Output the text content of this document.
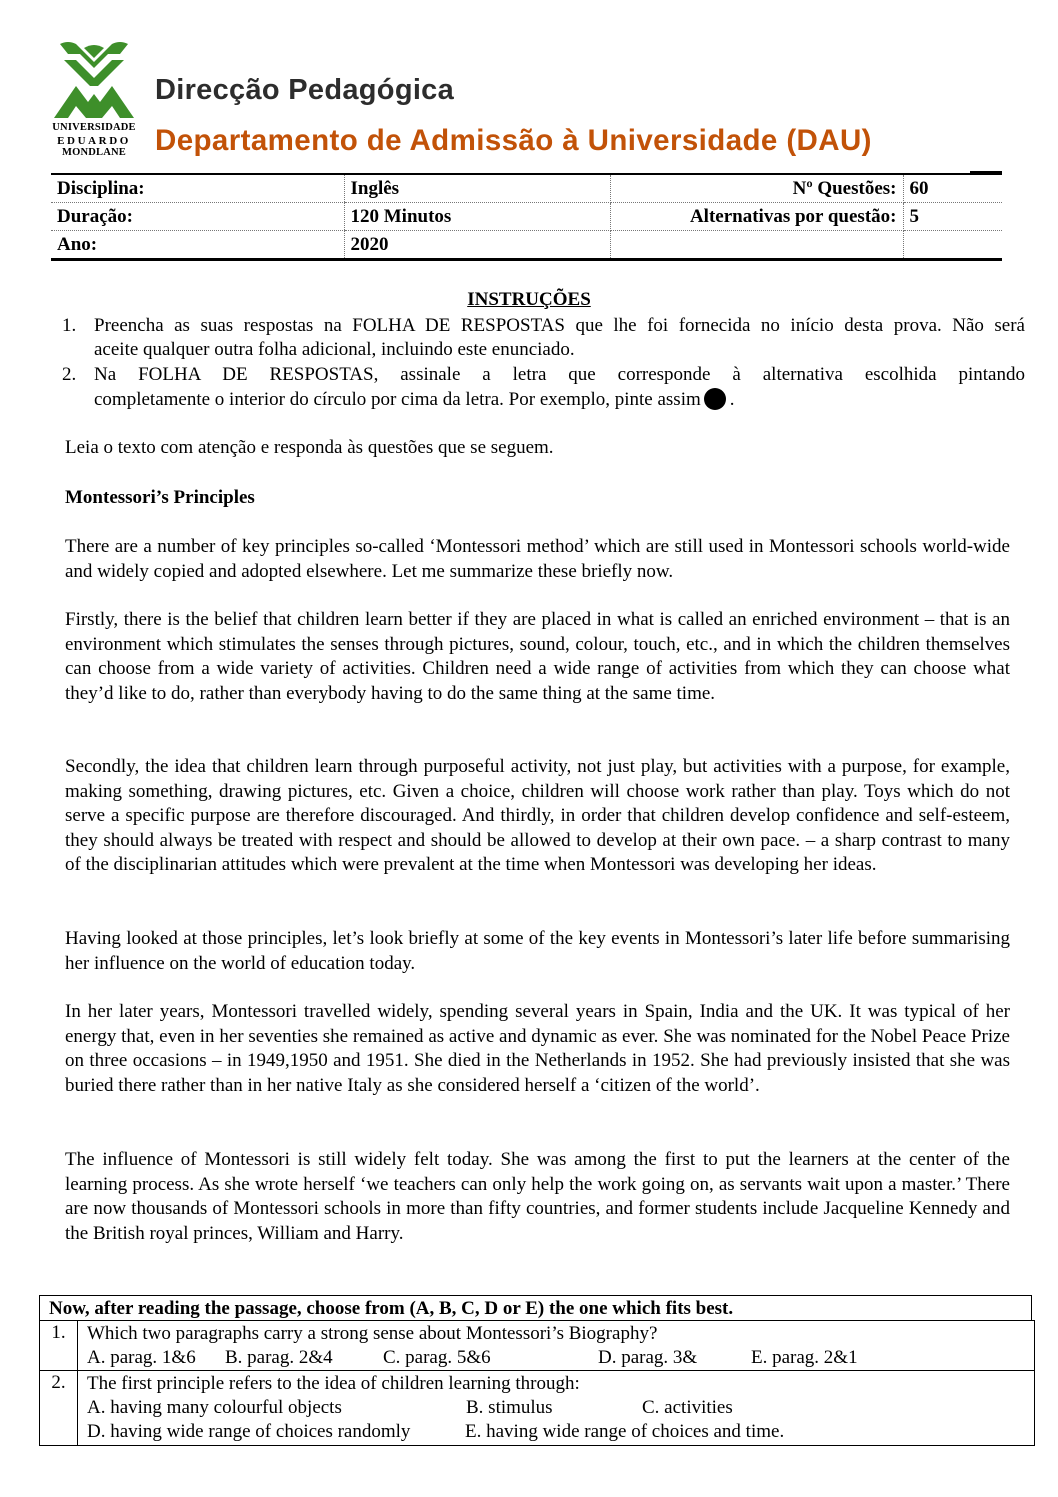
UNIVERSIDADE
EDUARDO
MONDLANE
Direcção Pedagógica
Departamento de Admissão à Universidade (DAU)
Disciplina:	Inglês	Nº Questões:	60
Duração:	120 Minutos	Alternativas por questão:	5
Ano:	2020		
INSTRUÇÕES
1. Preencha as suas respostas na FOLHA DE RESPOSTAS que lhe foi fornecida no início desta prova. Não será
aceite qualquer outra folha adicional, incluindo este enunciado.
2. Na FOLHA DE RESPOSTAS, assinale a letra que corresponde à alternativa escolhida pintando
completamente o interior do círculo por cima da letra. Por exemplo, pinte assim .
Leia o texto com atenção e responda às questões que se seguem.
Montessori’s Principles
There are a number of key principles so-called ‘Montessori method’ which are still used in Montessori schools world-wide and widely copied and adopted elsewhere. Let me summarize these briefly now.
Firstly, there is the belief that children learn better if they are placed in what is called an enriched environment – that is an environment which stimulates the senses through pictures, sound, colour, touch, etc., and in which the children themselves can choose from a wide variety of activities. Children need a wide range of activities from which they can choose what they’d like to do, rather than everybody having to do the same thing at the same time.
Secondly, the idea that children learn through purposeful activity, not just play, but activities with a purpose, for example, making something, drawing pictures, etc. Given a choice, children will choose work rather than play. Toys which do not serve a specific purpose are therefore discouraged. And thirdly, in order that children develop confidence and self-esteem, they should always be treated with respect and should be allowed to develop at their own pace. – a sharp contrast to many of the disciplinarian attitudes which were prevalent at the time when Montessori was developing her ideas.
Having looked at those principles, let’s look briefly at some of the key events in Montessori’s later life before summarising her influence on the world of education today.
In her later years, Montessori travelled widely, spending several years in Spain, India and the UK. It was typical of her energy that, even in her seventies she remained as active and dynamic as ever. She was nominated for the Nobel Peace Prize on three occasions – in 1949,1950 and 1951. She died in the Netherlands in 1952. She had previously insisted that she was buried there rather than in her native Italy as she considered herself a ‘citizen of the world’.
The influence of Montessori is still widely felt today. She was among the first to put the learners at the center of the learning process. As she wrote herself ‘we teachers can only help the work going on, as servants wait upon a master.’ There are now thousands of Montessori schools in more than fifty countries, and former students include Jacqueline Kennedy and the British royal princes, William and Harry.
Now, after reading the passage, choose from (A, B, C, D or E) the one which fits best.
1.	Which two paragraphs carry a strong sense about Montessori’s Biography?
A. parag. 1&6 B. parag. 2&4	C. parag. 5&6	D. parag. 3&	E. parag. 2&1
2.	The first principle refers to the idea of children learning through:
A. having many colourful objects	B. stimulus	C. activities
D. having wide range of choices randomly	E. having wide range of choices and time.
